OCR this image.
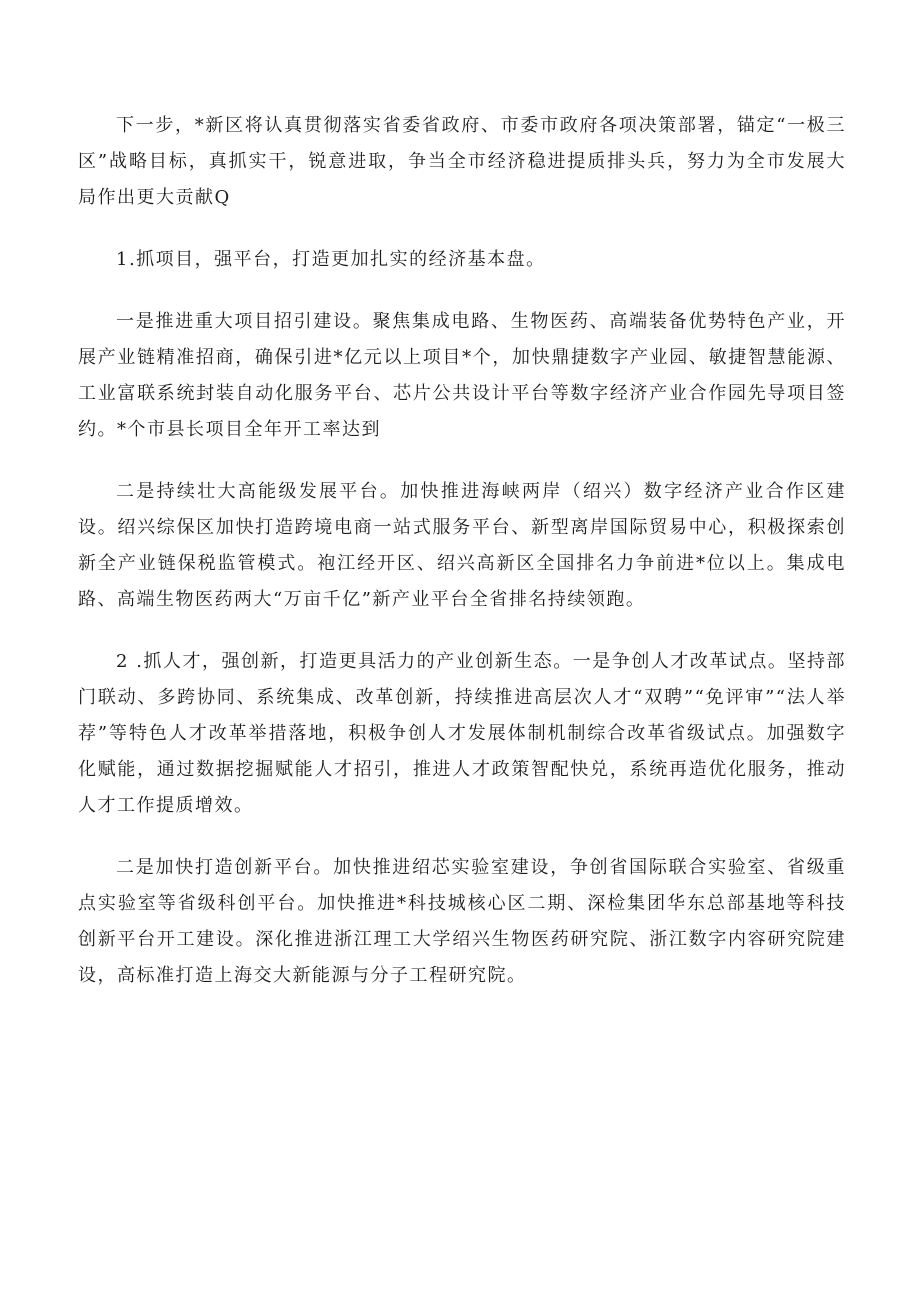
下一步，*新区将认真贯彻落实省委省政府、市委市政府各项决策部署，锚定“一极三区”战略目标，真抓实干，锐意进取，争当全市经济稳进提质排头兵，努力为全市发展大局作出更大贡献Q

1.抓项目，强平台，打造更加扎实的经济基本盘。

一是推进重大项目招引建设。聚焦集成电路、生物医药、高端装备优势特色产业，开展产业链精准招商，确保引进*亿元以上项目*个，加快鼎捷数字产业园、敏捷智慧能源、工业富联系统封装自动化服务平台、芯片公共设计平台等数字经济产业合作园先导项目签约。*个市县长项目全年开工率达到

二是持续壮大高能级发展平台。加快推进海峡两岸（绍兴）数字经济产业合作区建设。绍兴综保区加快打造跨境电商一站式服务平台、新型离岸国际贸易中心，积极探索创新全产业链保税监管模式。袍江经开区、绍兴高新区全国排名力争前进*位以上。集成电路、高端生物医药两大“万亩千亿”新产业平台全省排名持续领跑。

2 .抓人才，强创新，打造更具活力的产业创新生态。一是争创人才改革试点。坚持部门联动、多跨协同、系统集成、改革创新，持续推进高层次人才“双聘”“免评审”“法人举荐”等特色人才改革举措落地，积极争创人才发展体制机制综合改革省级试点。加强数字化赋能，通过数据挖掘赋能人才招引，推进人才政策智配快兑，系统再造优化服务，推动人才工作提质增效。

二是加快打造创新平台。加快推进绍芯实验室建设，争创省国际联合实验室、省级重点实验室等省级科创平台。加快推进*科技城核心区二期、深检集团华东总部基地等科技创新平台开工建设。深化推进浙江理工大学绍兴生物医药研究院、浙江数字内容研究院建设，高标准打造上海交大新能源与分子工程研究院。
